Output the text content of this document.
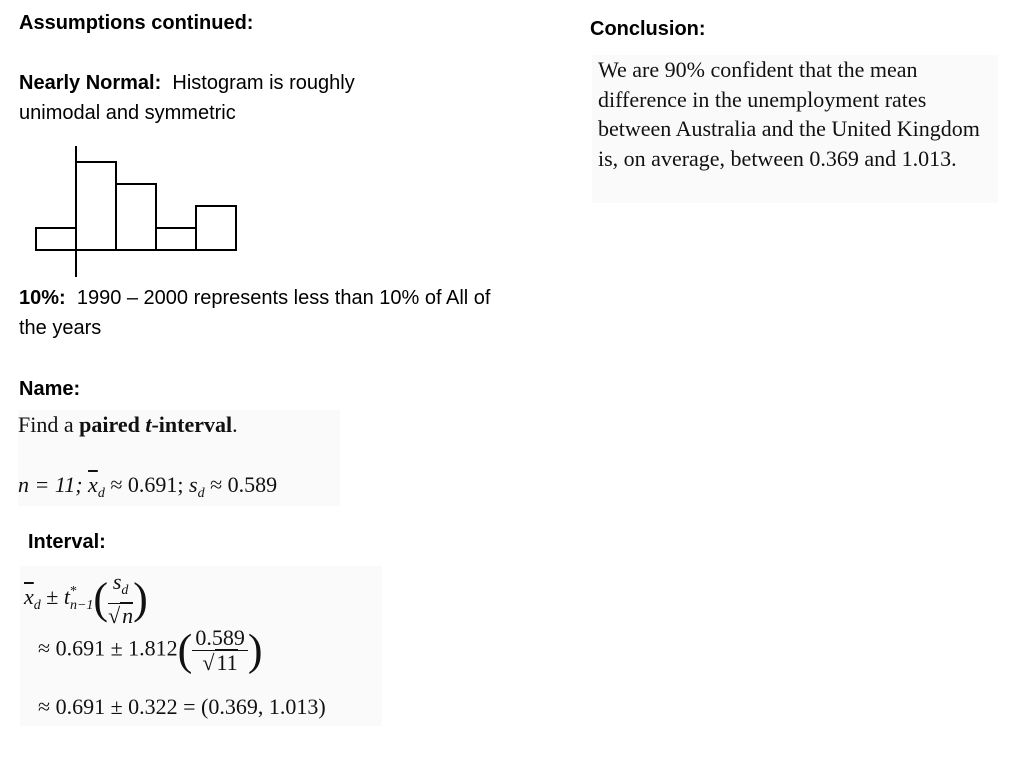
Assumptions continued:
Nearly Normal: Histogram is roughly unimodal and symmetric
10%: 1990 – 2000 represents less than 10% of All of the years
Name:
Find a paired t-interval.
n = 11; $\overline{x}_d \approx 0.691$; $s_d \approx 0.589$
Interval:
$\overline{x}_d \pm t^*_{n-1}( \frac{s_d}{√n}$ )
≈ $0.691 \pm 1.812( \frac{0.589}{√11}$ )
≈ 0.691 ± 0.322 = (0.369, 1.013)
Conclusion:
We are 90% confident that the mean difference in the unemployment rates between Australia and the United Kingdom is, on average, between 0.369 and 1.013.
